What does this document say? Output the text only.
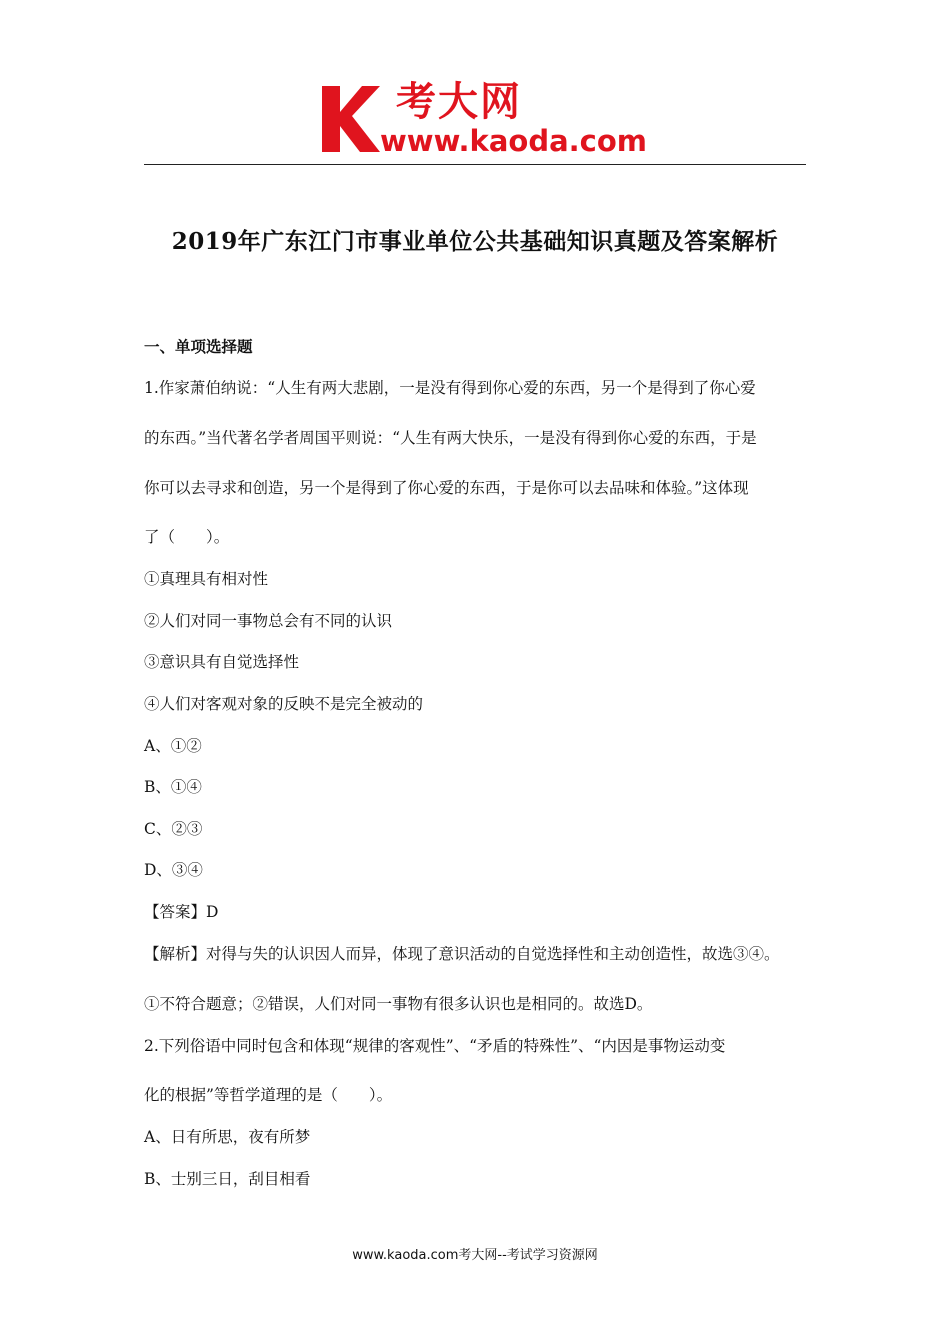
考大网
www.kaoda.com
2019年广东江门市事业单位公共基础知识真题及答案解析
一、单项选择题
1.作家萧伯纳说：“人生有两大悲剧，一是没有得到你心爱的东西，另一个是得到了你心爱
的东西。”当代著名学者周国平则说：“人生有两大快乐，一是没有得到你心爱的东西，于是
你可以去寻求和创造，另一个是得到了你心爱的东西，于是你可以去品味和体验。”这体现
了（　　）。
①真理具有相对性
②人们对同一事物总会有不同的认识
③意识具有自觉选择性
④人们对客观对象的反映不是完全被动的
A、①②
B、①④
C、②③
D、③④
【答案】D
【解析】对得与失的认识因人而异，体现了意识活动的自觉选择性和主动创造性，故选③④。
①不符合题意；②错误，人们对同一事物有很多认识也是相同的。故选D。
2.下列俗语中同时包含和体现“规律的客观性”、“矛盾的特殊性”、“内因是事物运动变
化的根据”等哲学道理的是（　　）。
A、日有所思，夜有所梦
B、士别三日，刮目相看
www.kaoda.com考大网--考试学习资源网
